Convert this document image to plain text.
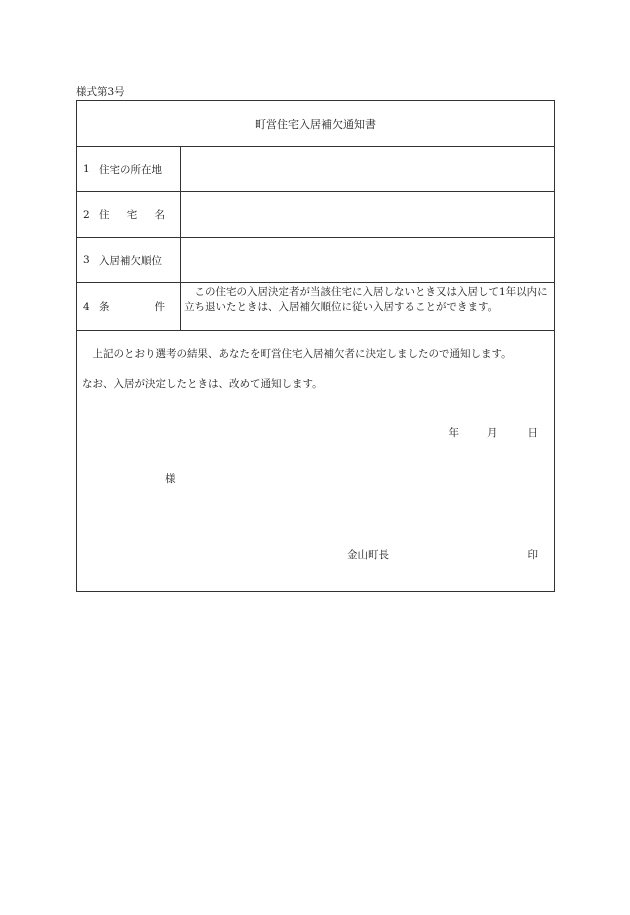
様式第3号
町営住宅入居補欠通知書
1 住宅の所在地
2 住 宅 名
3 入居補欠順位
4 条	件
この住宅の入居決定者が当該住宅に入居しないとき又は入居して1年以内に立ち退いたときは、入居補欠順位に従い入居することができます。
上記のとおり選考の結果、あなたを町営住宅入居補欠者に決定しましたので通知します。
なお、入居が決定したときは、改めて通知します。
年	月	日
様
金山町長	印
